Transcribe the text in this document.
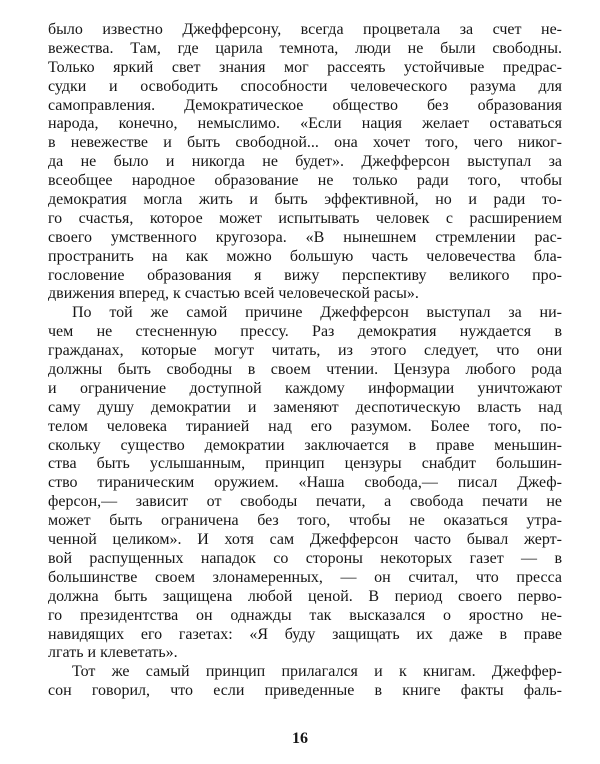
было известно Джефферсону, всегда процветала за счет не-
вежества. Там, где царила темнота, люди не были свободны.
Только яркий свет знания мог рассеять устойчивые предрас-
судки и освободить способности человеческого разума для
самоправления. Демократическое общество без образования
народа, конечно, немыслимо. «Если нация желает оставаться
в невежестве и быть свободной... она хочет того, чего никог-
да не было и никогда не будет». Джефферсон выступал за
всеобщее народное образование не только ради того, чтобы
демократия могла жить и быть эффективной, но и ради то-
го счастья, которое может испытывать человек с расширением
своего умственного кругозора. «В нынешнем стремлении рас-
пространить на как можно большую часть человечества бла-
гословение образования я вижу перспективу великого про-
движения вперед, к счастью всей человеческой расы».
По той же самой причине Джефферсон выступал за ни-
чем не стесненную прессу. Раз демократия нуждается в
гражданах, которые могут читать, из этого следует, что они
должны быть свободны в своем чтении. Цензура любого рода
и ограничение доступной каждому информации уничтожают
саму душу демократии и заменяют деспотическую власть над
телом человека тиранией над его разумом. Более того, по-
скольку существо демократии заключается в праве меньшин-
ства быть услышанным, принцип цензуры снабдит большин-
ство тираническим оружием. «Наша свобода,— писал Джеф-
ферсон,— зависит от свободы печати, а свобода печати не
может быть ограничена без того, чтобы не оказаться утра-
ченной целиком». И хотя сам Джефферсон часто бывал жерт-
вой распущенных нападок со стороны некоторых газет — в
большинстве своем злонамеренных, — он считал, что пресса
должна быть защищена любой ценой. В период своего перво-
го президентства он однажды так высказался о яростно не-
навидящих его газетах: «Я буду защищать их даже в праве
лгать и клеветать».
Тот же самый принцип прилагался и к книгам. Джеффер-
сон говорил, что если приведенные в книге факты фаль-
16
